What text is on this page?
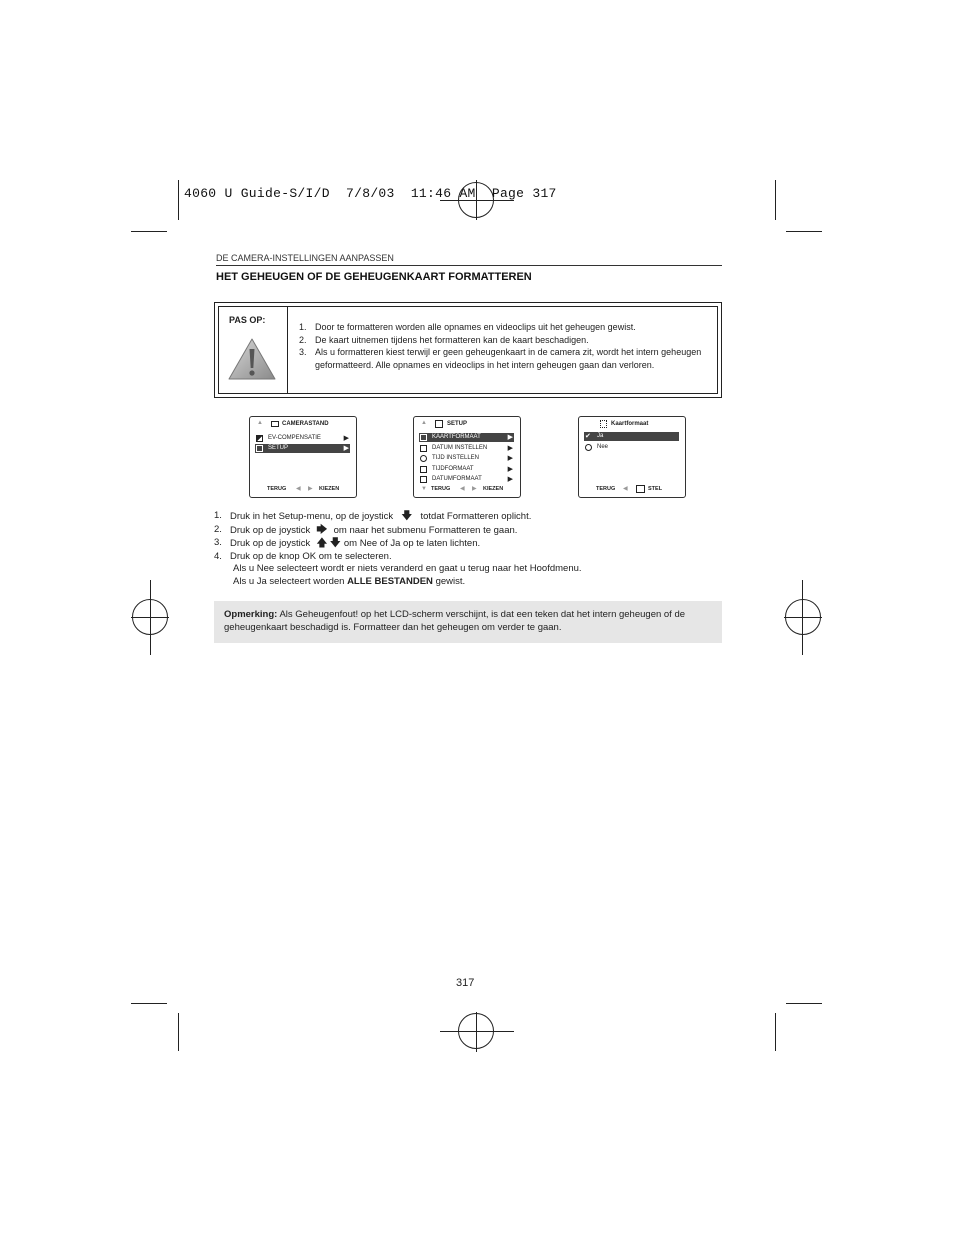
4060 U Guide-S/I/D  7/8/03  11:46 AM  Page 317
DE CAMERA-INSTELLINGEN AANPASSEN
HET GEHEUGEN OF DE GEHEUGENKAART FORMATTEREN
PAS OP:
1. Door te formatteren worden alle opnames en videoclips uit het geheugen gewist.
2. De kaart uitnemen tijdens het formatteren kan de kaart beschadigen.
3. Als u formatteren kiest terwijl er geen geheugenkaart in de camera zit, wordt het intern geheugen geformatteerd. Alle opnames en videoclips in het intern geheugen gaan dan verloren.
▲	CAMERASTAND
EV-COMPENSATIE	▶
SETUP	▶
TERUG ◀ ▶ KIEZEN
▲	SETUP
KAARTFORMAAT	▶
DATUM INSTELLEN	▶
TIJD INSTELLEN	▶
TIJDFORMAAT	▶
DATUMFORMAAT	▶
▼ TERUG ◀ ▶ KIEZEN
Kaartformaat
✔ Ja
Nee
TERUG ◀	STEL
1. Druk in het Setup-menu, op de joystick 🡇 totdat Formatteren oplicht.
2. Druk op de joystick 🡆 om naar het submenu Formatteren te gaan.
3. Druk op de joystick 🡅 🡇 om Nee of Ja op te laten lichten.
4. Druk op de knop OK om te selecteren.
Als u Nee selecteert wordt er niets veranderd en gaat u terug naar het Hoofdmenu.
Als u Ja selecteert worden ALLE BESTANDEN gewist.
Opmerking: Als Geheugenfout! op het LCD-scherm verschijnt, is dat een teken dat het intern geheugen of de geheugenkaart beschadigd is. Formatteer dan het geheugen om verder te gaan.
317
